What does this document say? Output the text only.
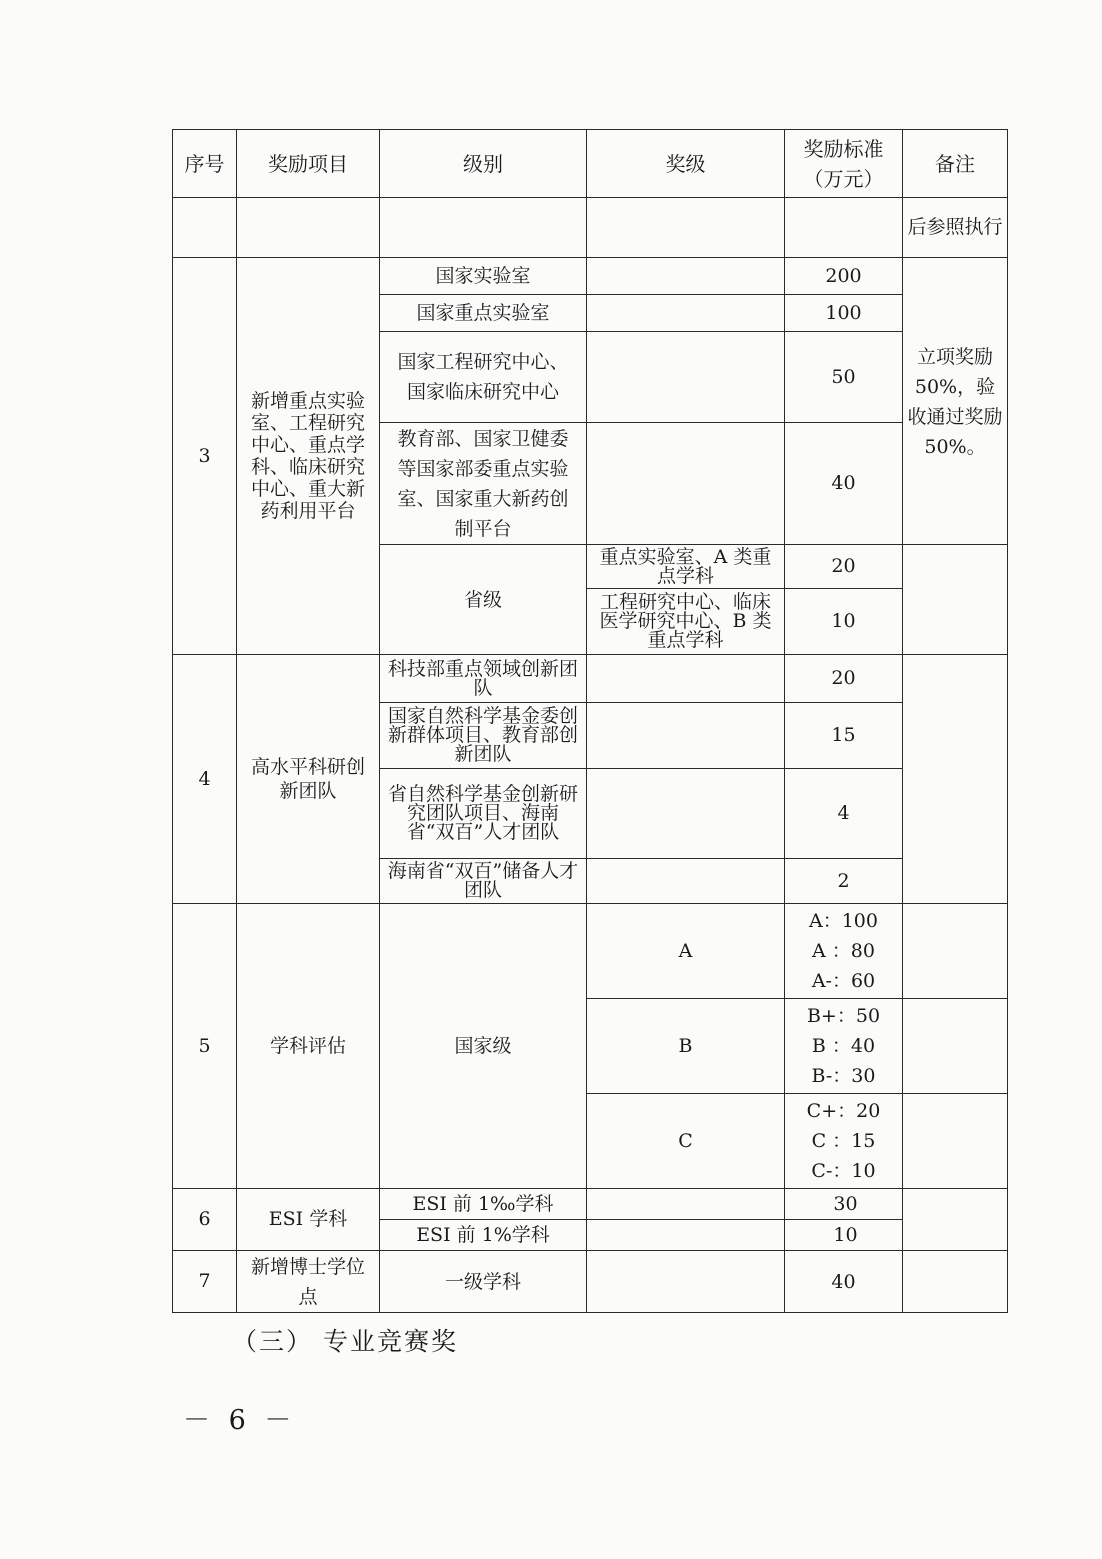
序号	奖励项目	级别	奖级	奖励标准（万元）	备注
					后参照执行
3	新增重点实验室、工程研究中心、重点学科、临床研究中心、重大新药利用平台	国家实验室		200	立项奖励50%，验收通过奖励50%。
		国家重点实验室		100	
		国家工程研究中心、国家临床研究中心		50	
		教育部、国家卫健委等国家部委重点实验室、国家重大新药创制平台		40	
		省级	重点实验室、A 类重点学科	20	
			工程研究中心、临床医学研究中心、B 类重点学科	10	
4	高水平科研创新团队	科技部重点领域创新团队		20	
		国家自然科学基金委创新群体项目、教育部创新团队		15	
		省自然科学基金创新研究团队项目、海南省“双百”人才团队		4	
		海南省“双百”储备人才团队		2	
5	学科评估	国家级	A	A：100
A ：80
A-：60	

			B	B+：50
B ：40
B-：30	

			C	C+：20
C ：15
C-：10	

6	ESI 学科	ESI 前 1‰学科		30	
		ESI 前 1%学科		10	
7	新增博士学位点	一级学科		40	
（三） 专业竞赛奖
－ 6 －
